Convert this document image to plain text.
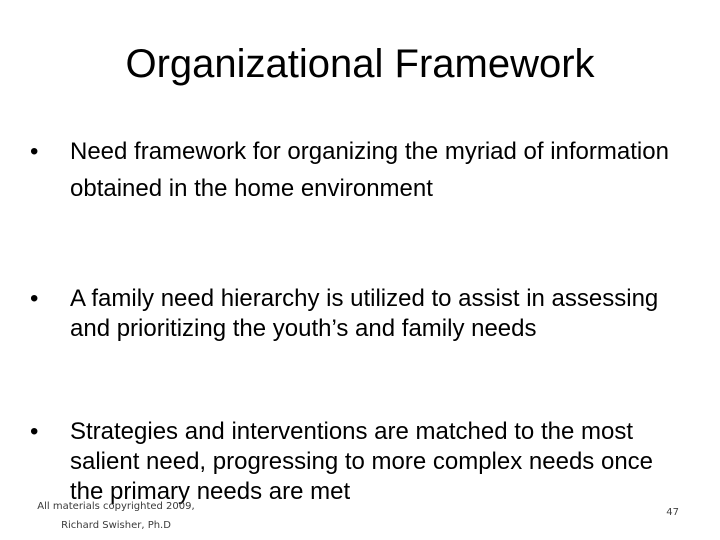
Organizational Framework
•	Need framework for organizing the myriad of information obtained in the home environment
•	A family need hierarchy is utilized to assist in assessing and prioritizing the youth’s and family needs
•	Strategies and interventions are matched to the most salient need, progressing to more complex needs once the primary needs are met
All materials copyrighted 2009,
Richard Swisher, Ph.D
47
